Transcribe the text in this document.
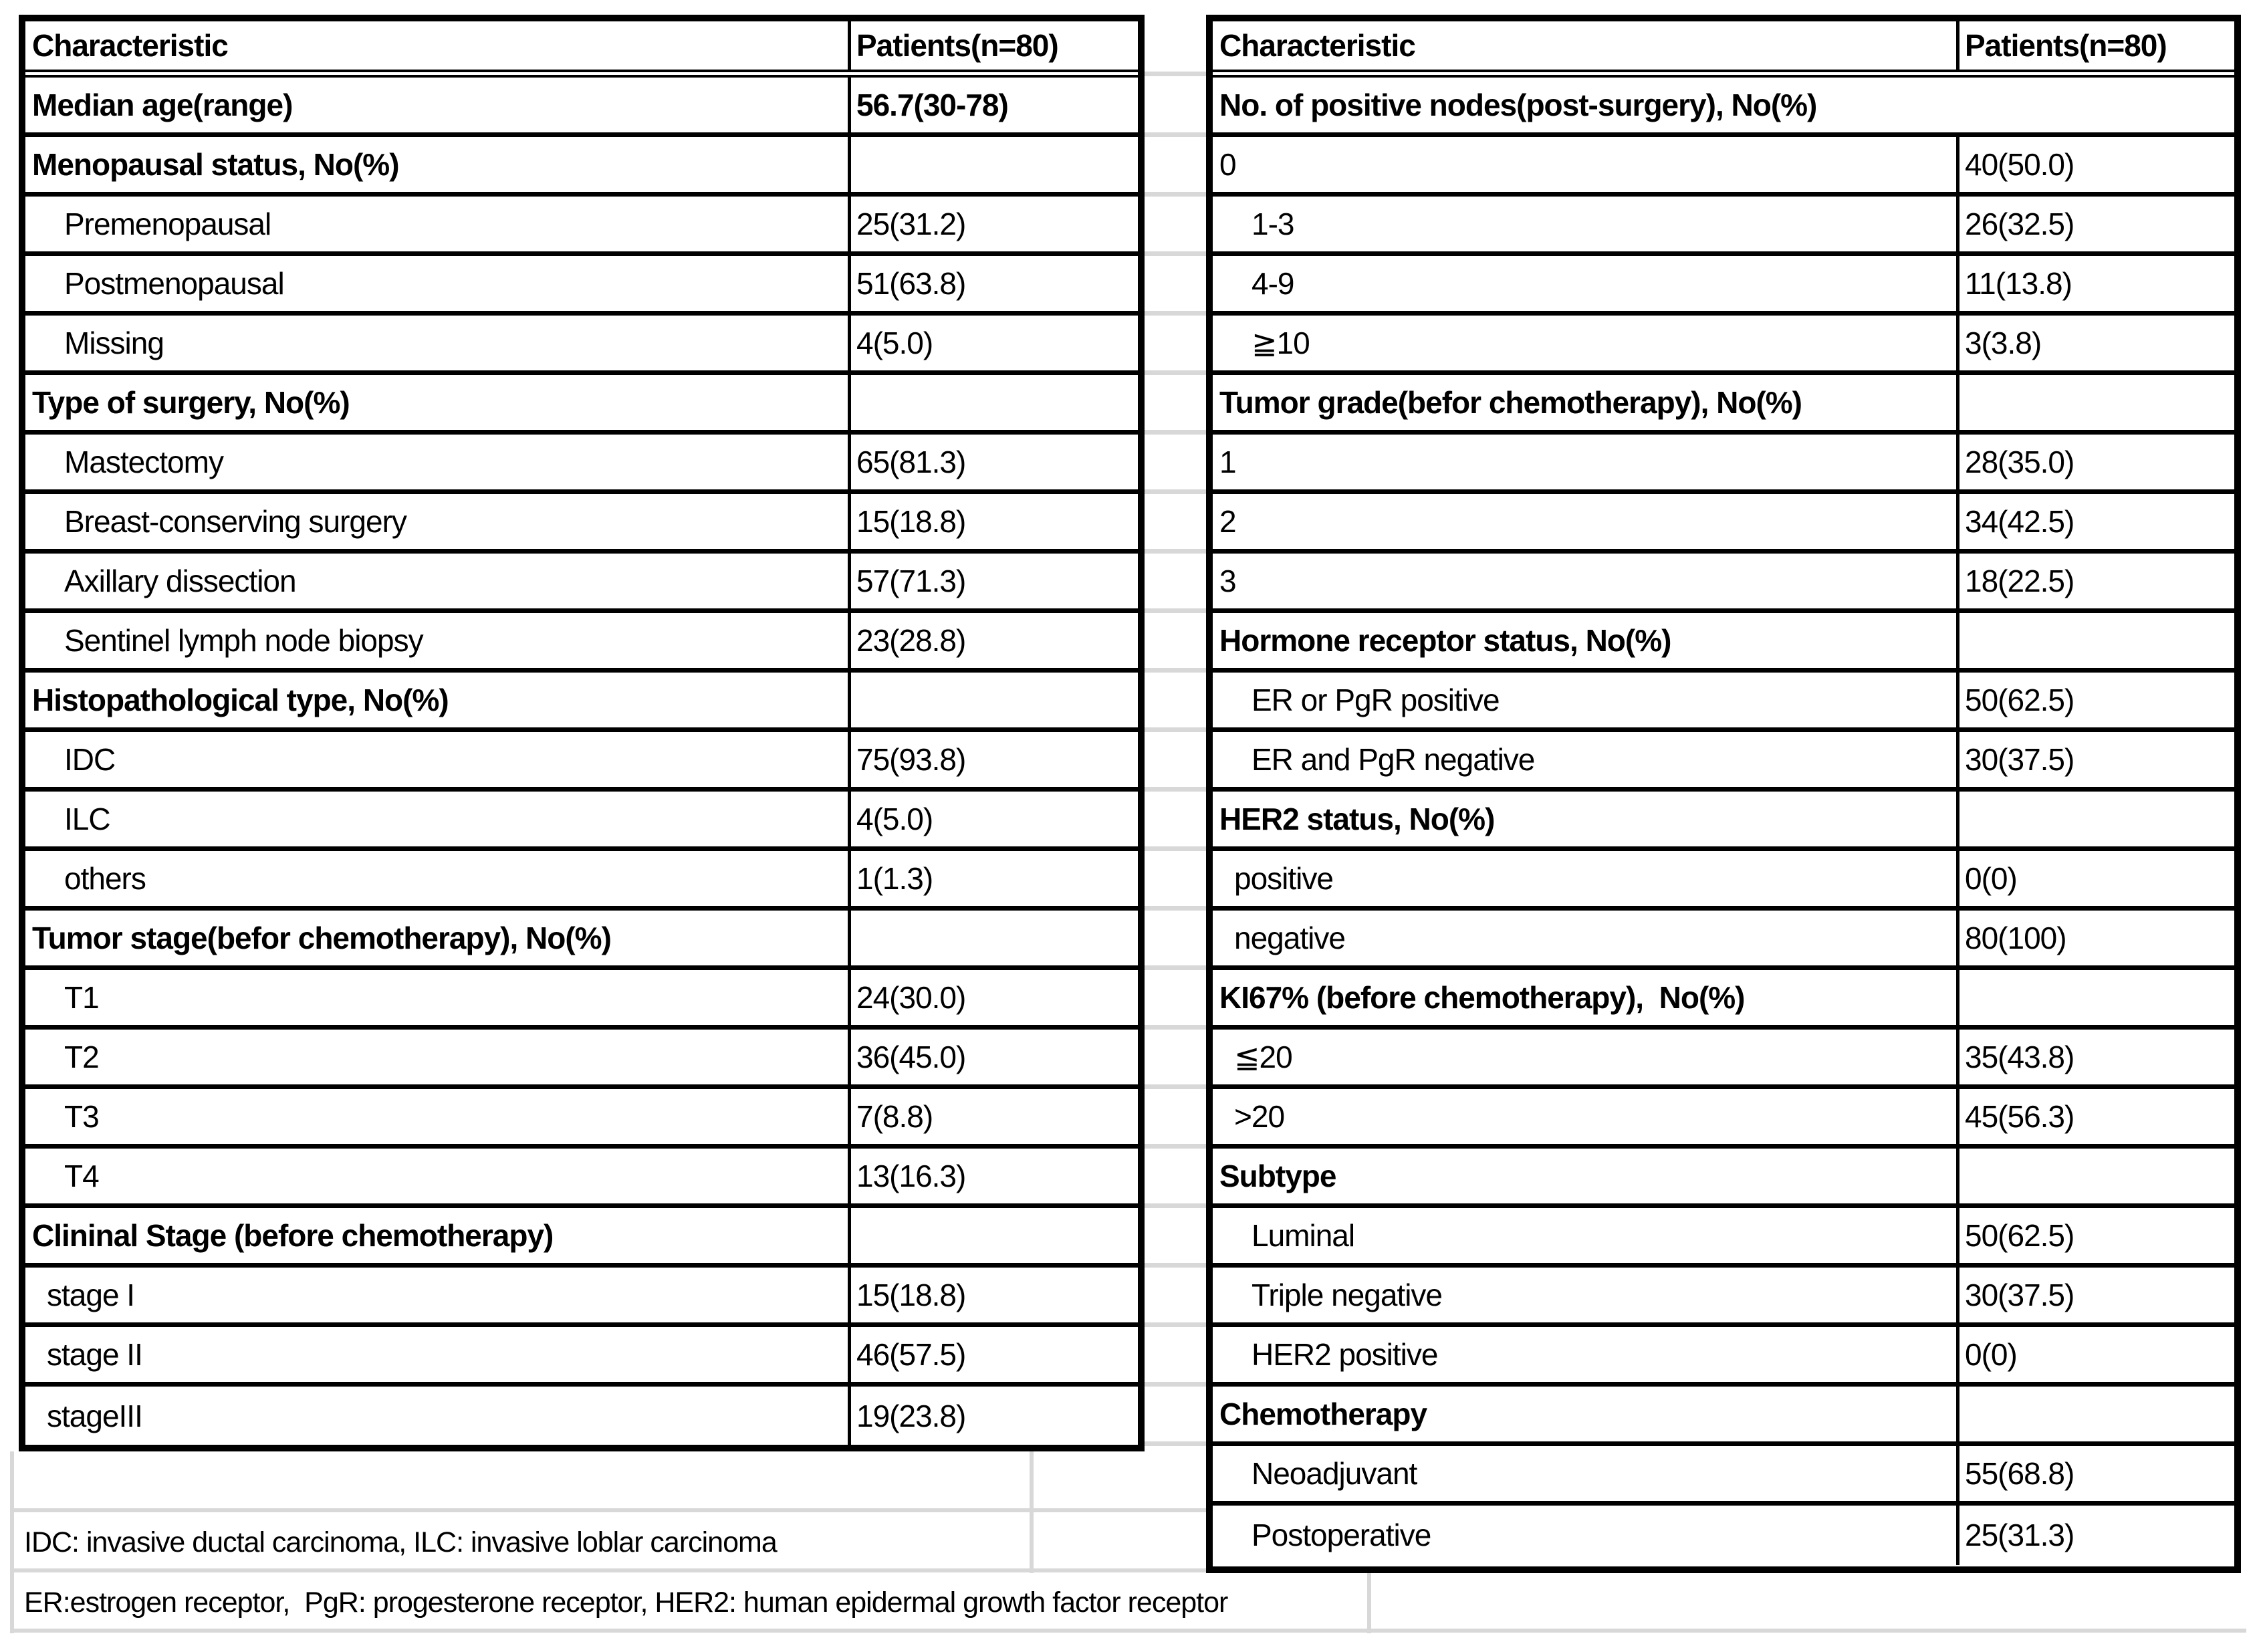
Characteristic	Patients(n=80)
Median age(range)	56.7(30-78)
Menopausal status, No(%)
Premenopausal	25(31.2)
Postmenopausal	51(63.8)
Missing	4(5.0)
Type of surgery, No(%)
Mastectomy	65(81.3)
Breast-conserving surgery	15(18.8)
Axillary dissection	57(71.3)
Sentinel lymph node biopsy	23(28.8)
Histopathological type, No(%)
IDC	75(93.8)
ILC	4(5.0)
others	1(1.3)
Tumor stage(befor chemotherapy), No(%)
T1	24(30.0)
T2	36(45.0)
T3	7(8.8)
T4	13(16.3)
Clininal Stage (before chemotherapy)
stage I	15(18.8)
stage II	46(57.5)
stageIII	19(23.8)
Characteristic	Patients(n=80)
No. of positive nodes(post-surgery), No(%)
0	40(50.0)
1-3	26(32.5)
4-9	11(13.8)
≧10	3(3.8)
Tumor grade(befor chemotherapy), No(%)
1	28(35.0)
2	34(42.5)
3	18(22.5)
Hormone receptor status, No(%)
ER or PgR positive	50(62.5)
ER and PgR negative	30(37.5)
HER2 status, No(%)
positive	0(0)
negative	80(100)
KI67% (before chemotherapy),  No(%)
≦20	35(43.8)
>20	45(56.3)
Subtype
Luminal	50(62.5)
Triple negative	30(37.5)
HER2 positive	0(0)
Chemotherapy
Neoadjuvant	55(68.8)
Postoperative	25(31.3)
IDC: invasive ductal carcinoma, ILC: invasive loblar carcinoma
ER:estrogen receptor,  PgR: progesterone receptor, HER2: human epidermal growth factor receptor
